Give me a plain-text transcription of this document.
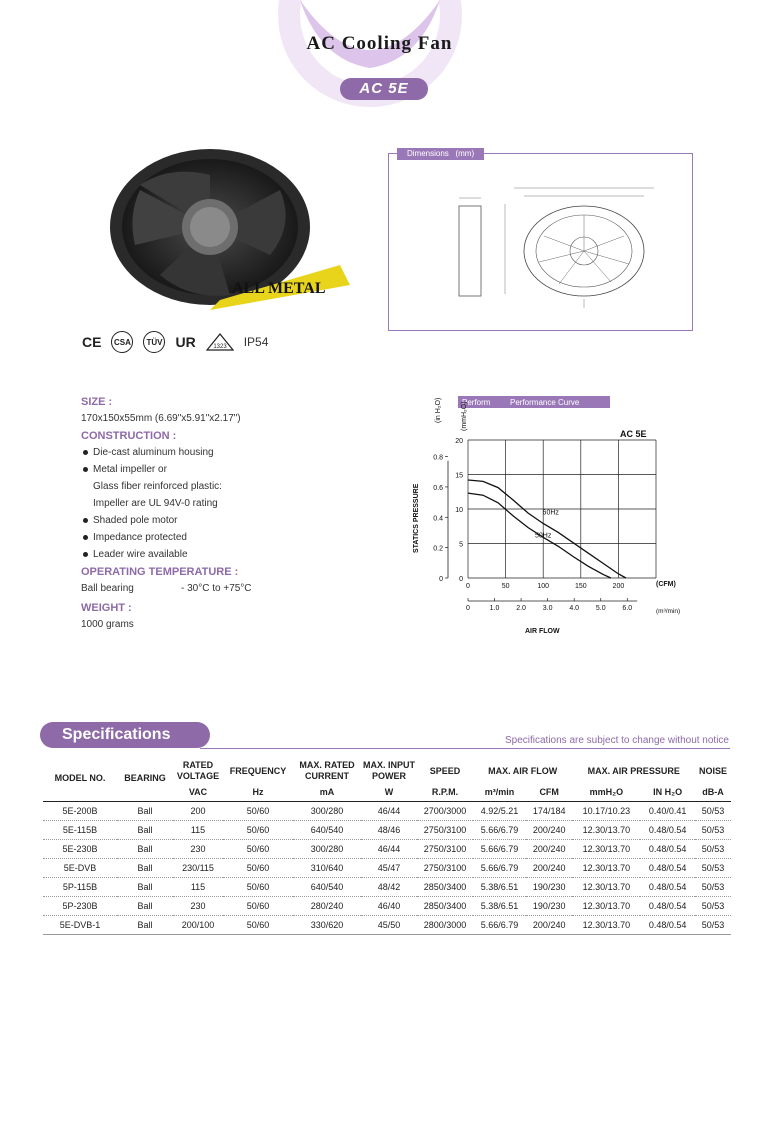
AC Cooling Fan
AC 5E
ALL METAL
CE	CSA	TÜV UR	1323 IP54
Dimensions (mm)
SIZE :
170x150x55mm (6.69"x5.91"x2.17")
CONSTRUCTION :
Die-cast aluminum housing
Metal impeller or
Glass fiber reinforced plastic:
Impeller are UL 94V-0 rating
Shaded pole motor
Impedance protected
Leader wire available
OPERATING TEMPERATURE :
Ball bearing	- 30°C to +75°C
WEIGHT :
1000 grams
Perform Performance Curve
AC 5E
STATICS PRESSURE
(in H₂O)	(mmH₂O)
(CFM)
(m³/min)
AIR FLOW
0	50	100	150	200
0
5
10
15
20
0
0.2
0.4
0.6
0.8
0	1.0 2.0 3.0 4.0 5.0 6.0
60Hz
50Hz
Specifications	Specifications are subject to change without notice
MODEL NO.	BEARING	RATED VOLTAGE	FREQUENCY	MAX. RATED CURRENT	MAX. INPUT POWER	SPEED	MAX. AIR FLOW		MAX. AIR PRESSURE		NOISE
		VAC	Hz	mA	W	R.P.M.	m³/min	CFM	mmH₂O	IN H₂O	dB-A
5E-200B	Ball	200	50/60	300/280	46/44	2700/3000	4.92/5.21	174/184	10.17/10.23	0.40/0.41	50/53
5E-115B	Ball	115	50/60	640/540	48/46	2750/3100	5.66/6.79	200/240	12.30/13.70	0.48/0.54	50/53
5E-230B	Ball	230	50/60	300/280	46/44	2750/3100	5.66/6.79	200/240	12.30/13.70	0.48/0.54	50/53
5E-DVB	Ball	230/115	50/60	310/640	45/47	2750/3100	5.66/6.79	200/240	12.30/13.70	0.48/0.54	50/53
5P-115B	Ball	115	50/60	640/540	48/42	2850/3400	5.38/6.51	190/230	12.30/13.70	0.48/0.54	50/53
5P-230B	Ball	230	50/60	280/240	46/40	2850/3400	5.38/6.51	190/230	12.30/13.70	0.48/0.54	50/53
5E-DVB-1	Ball	200/100	50/60	330/620	45/50	2800/3000	5.66/6.79	200/240	12.30/13.70	0.48/0.54	50/53
